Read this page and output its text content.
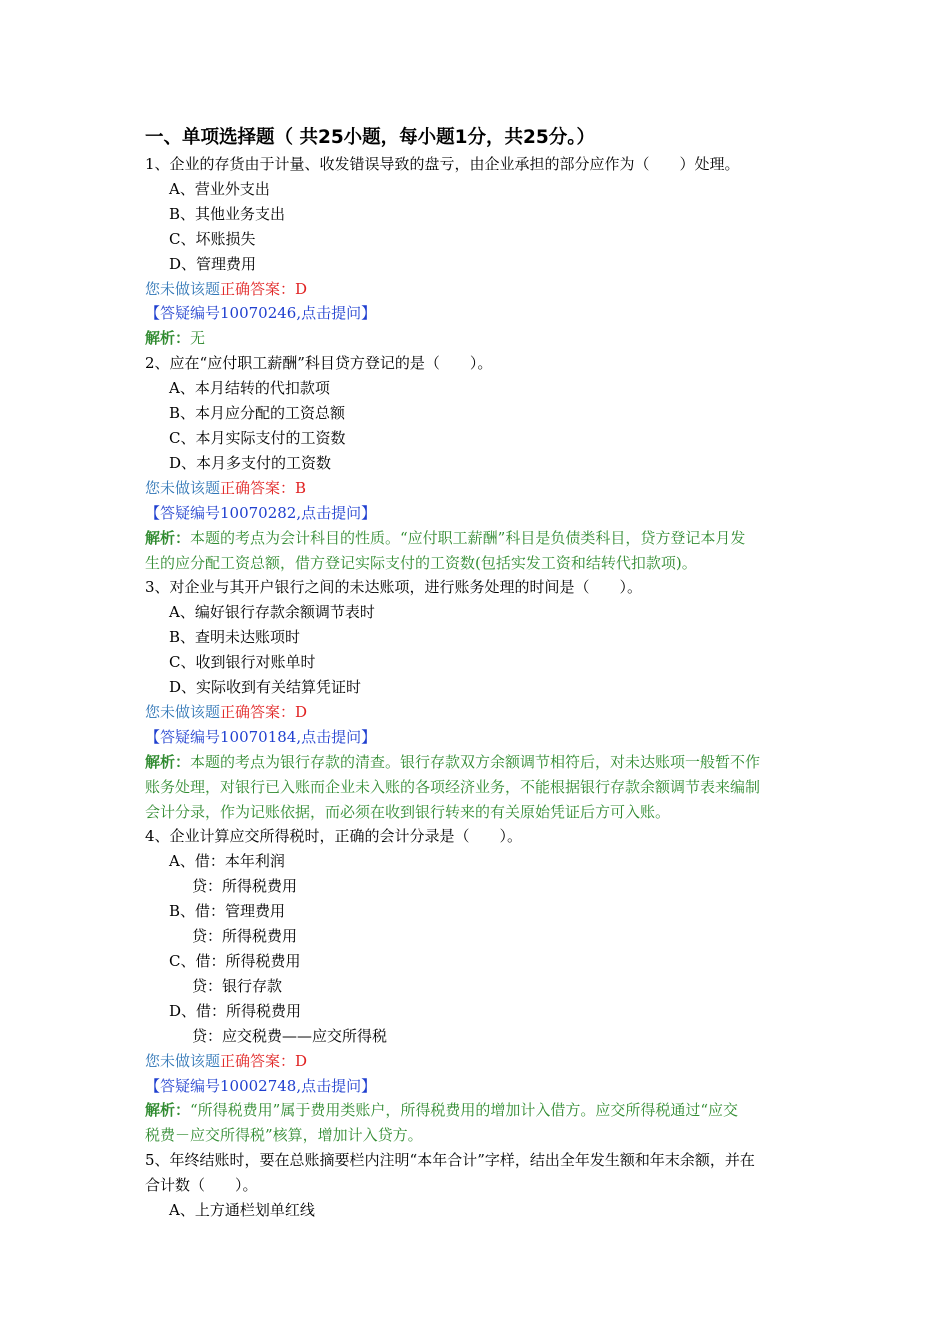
一、单项选择题（ 共25小题，每小题1分，共25分。）
1、企业的存货由于计量、收发错误导致的盘亏，由企业承担的部分应作为（　　）处理。
A、营业外支出
B、其他业务支出
C、坏账损失
D、管理费用
您未做该题正确答案：D
【答疑编号10070246,点击提问】
解析：无
2、应在“应付职工薪酬”科目贷方登记的是（　　）。
A、本月结转的代扣款项
B、本月应分配的工资总额
C、本月实际支付的工资数
D、本月多支付的工资数
您未做该题正确答案：B
【答疑编号10070282,点击提问】
解析：本题的考点为会计科目的性质。“应付职工薪酬”科目是负债类科目，贷方登记本月发
生的应分配工资总额，借方登记实际支付的工资数(包括实发工资和结转代扣款项)。
3、对企业与其开户银行之间的未达账项，进行账务处理的时间是（　　）。
A、编好银行存款余额调节表时
B、查明未达账项时
C、收到银行对账单时
D、实际收到有关结算凭证时
您未做该题正确答案：D
【答疑编号10070184,点击提问】
解析：本题的考点为银行存款的清查。银行存款双方余额调节相符后，对未达账项一般暂不作
账务处理，对银行已入账而企业未入账的各项经济业务，不能根据银行存款余额调节表来编制
会计分录，作为记账依据，而必须在收到银行转来的有关原始凭证后方可入账。
4、企业计算应交所得税时，正确的会计分录是（　　）。
A、借：本年利润
贷：所得税费用
B、借：管理费用
贷：所得税费用
C、借：所得税费用
贷：银行存款
D、借：所得税费用
贷：应交税费——应交所得税
您未做该题正确答案：D
【答疑编号10002748,点击提问】
解析：“所得税费用”属于费用类账户，所得税费用的增加计入借方。应交所得税通过“应交
税费－应交所得税”核算，增加计入贷方。
5、年终结账时，要在总账摘要栏内注明“本年合计”字样，结出全年发生额和年末余额，并在
合计数（　　）。
A、上方通栏划单红线
